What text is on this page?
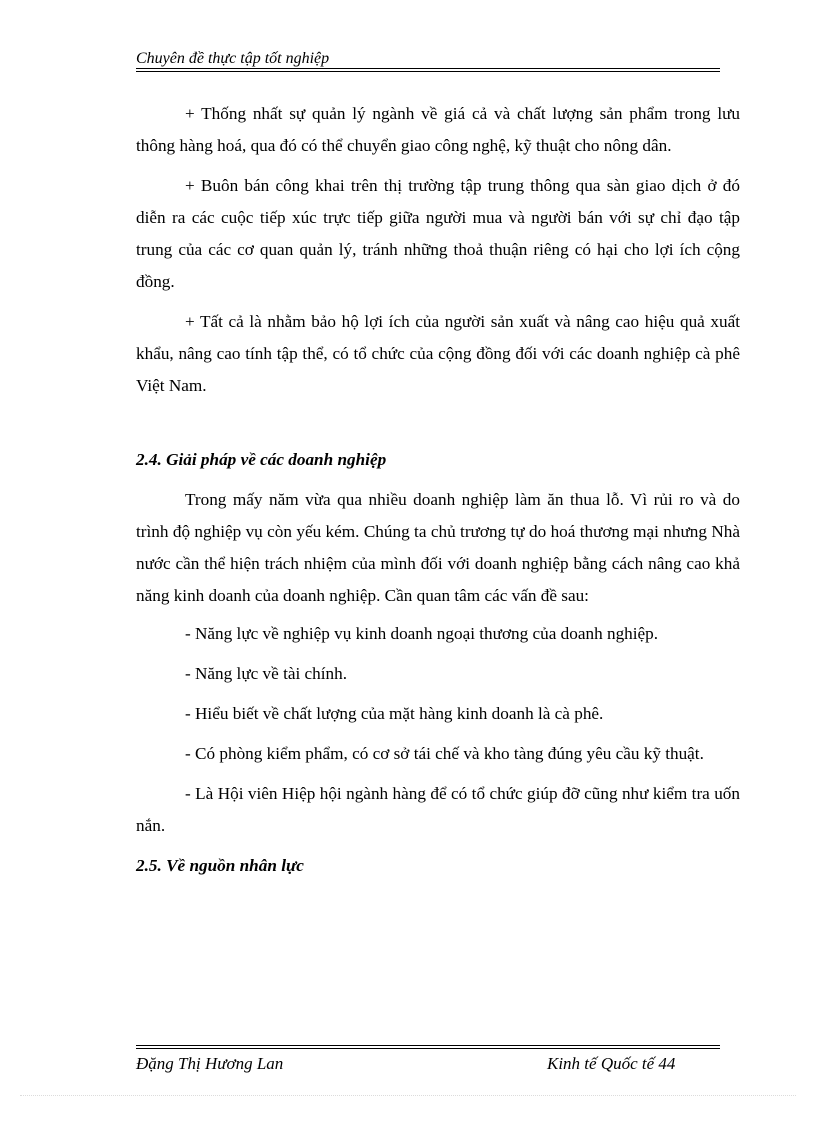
Chuyên đề thực tập tốt nghiệp

+ Thống nhất sự quản lý ngành về giá cả và chất lượng sản phẩm trong lưu thông hàng hoá, qua đó có thể chuyển giao công nghệ, kỹ thuật cho nông dân.

+ Buôn bán công khai trên thị trường tập trung thông qua sàn giao dịch ở đó diễn ra các cuộc tiếp xúc trực tiếp giữa người mua và người bán với sự chỉ đạo tập trung của các cơ quan quản lý, tránh những thoả thuận riêng có hại cho lợi ích cộng đồng.

+ Tất cả là nhằm bảo hộ lợi ích của người sản xuất và nâng cao hiệu quả xuất khẩu, nâng cao tính tập thể, có tổ chức của cộng đồng đối với các doanh nghiệp cà phê Việt Nam.

2.4. Giải pháp về các doanh nghiệp

Trong mấy năm vừa qua nhiều doanh nghiệp làm ăn thua lỗ. Vì rủi ro và do trình độ nghiệp vụ còn yếu kém. Chúng ta chủ trương tự do hoá thương mại nhưng Nhà nước cần thể hiện trách nhiệm của mình đối với doanh nghiệp bằng cách nâng cao khả năng kinh doanh của doanh nghiệp. Cần quan tâm các vấn đề sau:

- Năng lực về nghiệp vụ kinh doanh ngoại thương của doanh nghiệp.

- Năng lực về tài chính.

- Hiểu biết về chất lượng của mặt hàng kinh doanh là cà phê.

- Có phòng kiểm phẩm, có cơ sở tái chế và kho tàng đúng yêu cầu kỹ thuật.

- Là Hội viên Hiệp hội ngành hàng để có tổ chức giúp đỡ cũng như kiểm tra uốn nắn.

2.5. Về nguồn nhân lực

Đặng Thị Hương Lan	Kinh tế Quốc tế 44
